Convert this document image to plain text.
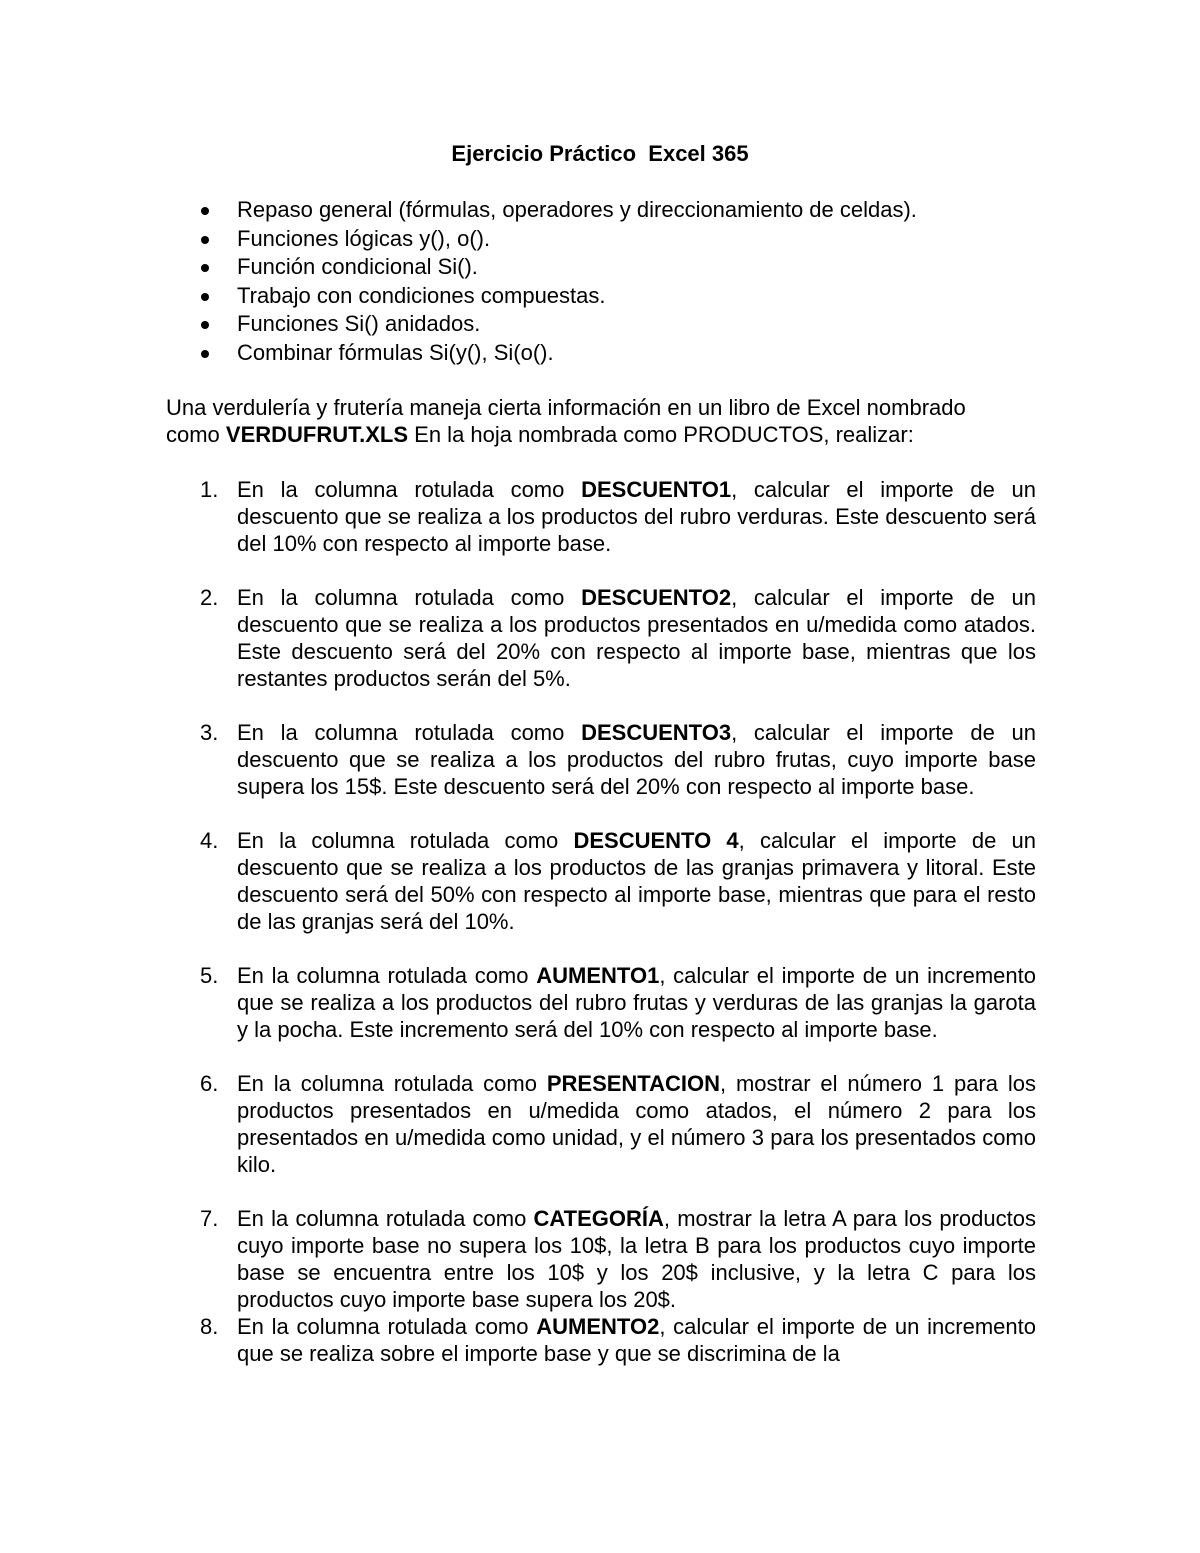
Ejercicio Práctico  Excel 365
Repaso general (fórmulas, operadores y direccionamiento de celdas).
Funciones lógicas y(), o().
Función condicional Si().
Trabajo con condiciones compuestas.
Funciones Si() anidados.
Combinar fórmulas Si(y(), Si(o().
Una verdulería y frutería maneja cierta información en un libro de Excel nombrado
como VERDUFRUT.XLS En la hoja nombrada como PRODUCTOS, realizar:
1. En la columna rotulada como DESCUENTO1, calcular el importe de un descuento que se realiza a los productos del rubro verduras. Este descuento será del 10% con respecto al importe base.

2. En la columna rotulada como DESCUENTO2, calcular el importe de un descuento que se realiza a los productos presentados en u/medida como atados. Este descuento será del 20% con respecto al importe base, mientras que los restantes productos serán del 5%.

3. En la columna rotulada como DESCUENTO3, calcular el importe de un descuento que se realiza a los productos del rubro frutas, cuyo importe base supera los 15$. Este descuento será del 20% con respecto al importe base.

4. En la columna rotulada como DESCUENTO 4, calcular el importe de un descuento que se realiza a los productos de las granjas primavera y litoral. Este descuento será del 50% con respecto al importe base, mientras que para el resto de las granjas será del 10%.

5. En la columna rotulada como AUMENTO1, calcular el importe de un incremento que se realiza a los productos del rubro frutas y verduras de las granjas la garota y la pocha. Este incremento será del 10% con respecto al importe base.

6. En la columna rotulada como PRESENTACION, mostrar el número 1 para los productos presentados en u/medida como atados, el número 2 para los presentados en u/medida como unidad, y el número 3 para los presentados como kilo.

7. En la columna rotulada como CATEGORÍA, mostrar la letra A para los productos cuyo importe base no supera los 10$, la letra B para los productos cuyo importe base se encuentra entre los 10$ y los 20$ inclusive, y la letra C para los productos cuyo importe base supera los 20$.

8. En la columna rotulada como AUMENTO2, calcular el importe de un incremento que se realiza sobre el importe base y que se discrimina de la
